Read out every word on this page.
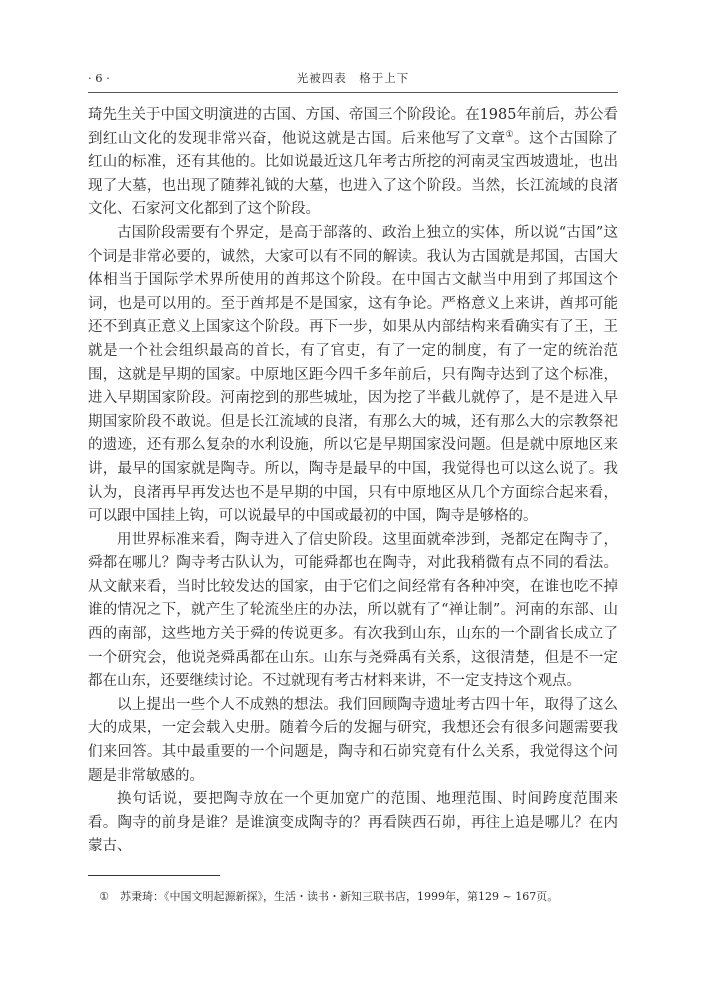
· 6 ·	光被四表　格于上下

琦先生关于中国文明演进的古国、方国、帝国三个阶段论。在1985年前后，苏公看到红山文化的发现非常兴奋，他说这就是古国。后来他写了文章①。这个古国除了红山的标准，还有其他的。比如说最近这几年考古所挖的河南灵宝西坡遗址，也出现了大墓，也出现了随葬礼钺的大墓，也进入了这个阶段。当然，长江流域的良渚文化、石家河文化都到了这个阶段。

古国阶段需要有个界定，是高于部落的、政治上独立的实体，所以说“古国”这个词是非常必要的，诚然，大家可以有不同的解读。我认为古国就是邦国，古国大体相当于国际学术界所使用的酋邦这个阶段。在中国古文献当中用到了邦国这个词，也是可以用的。至于酋邦是不是国家，这有争论。严格意义上来讲，酋邦可能还不到真正意义上国家这个阶段。再下一步，如果从内部结构来看确实有了王，王就是一个社会组织最高的首长，有了官吏，有了一定的制度，有了一定的统治范围，这就是早期的国家。中原地区距今四千多年前后，只有陶寺达到了这个标准，进入早期国家阶段。河南挖到的那些城址，因为挖了半截儿就停了，是不是进入早期国家阶段不敢说。但是长江流域的良渚，有那么大的城，还有那么大的宗教祭祀的遗迹，还有那么复杂的水利设施，所以它是早期国家没问题。但是就中原地区来讲，最早的国家就是陶寺。所以，陶寺是最早的中国，我觉得也可以这么说了。我认为，良渚再早再发达也不是早期的中国，只有中原地区从几个方面综合起来看，可以跟中国挂上钩，可以说最早的中国或最初的中国，陶寺是够格的。

用世界标准来看，陶寺进入了信史阶段。这里面就牵涉到，尧都定在陶寺了，舜都在哪儿？陶寺考古队认为，可能舜都也在陶寺，对此我稍微有点不同的看法。从文献来看，当时比较发达的国家，由于它们之间经常有各种冲突，在谁也吃不掉谁的情况之下，就产生了轮流坐庄的办法，所以就有了“禅让制”。河南的东部、山西的南部，这些地方关于舜的传说更多。有次我到山东，山东的一个副省长成立了一个研究会，他说尧舜禹都在山东。山东与尧舜禹有关系，这很清楚，但是不一定都在山东，还要继续讨论。不过就现有考古材料来讲，不一定支持这个观点。

以上提出一些个人不成熟的想法。我们回顾陶寺遗址考古四十年，取得了这么大的成果，一定会载入史册。随着今后的发掘与研究，我想还会有很多问题需要我们来回答。其中最重要的一个问题是，陶寺和石峁究竟有什么关系，我觉得这个问题是非常敏感的。

换句话说，要把陶寺放在一个更加宽广的范围、地理范围、时间跨度范围来看。陶寺的前身是谁？是谁演变成陶寺的？再看陕西石峁，再往上追是哪儿？在内蒙古、

① 苏秉琦：《中国文明起源新探》，生活・读书・新知三联书店，1999年，第129 ~ 167页。
